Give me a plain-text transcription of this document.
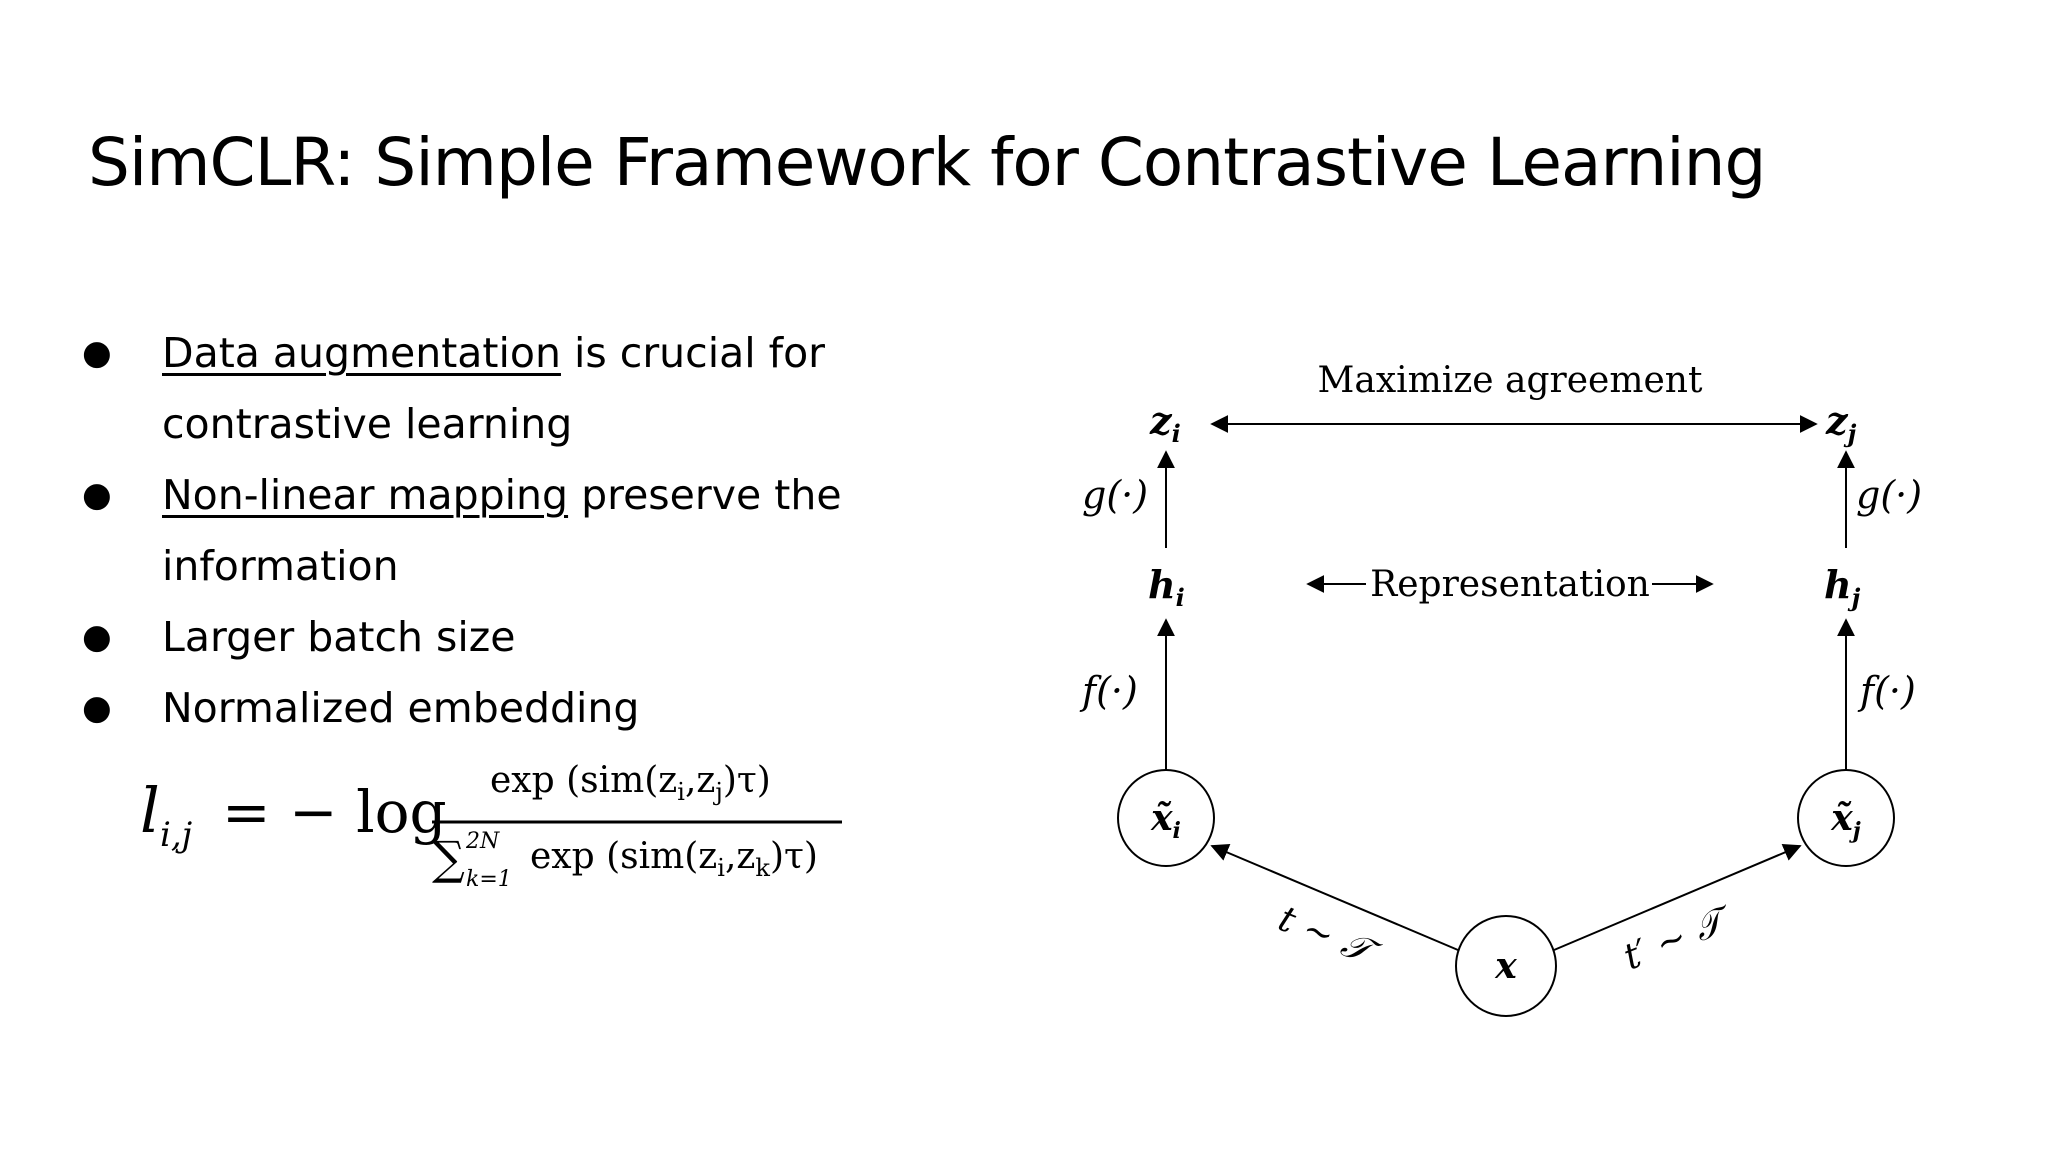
SimCLR: Simple Framework for Contrastive Learning
● Data augmentation is crucial for
contrastive learning
● Non-linear mapping preserve the
information
● Larger batch size
● Normalized embedding
l i,j = − $\log \exp (sim(z_i,z_j)\tau)$
∑ 2N
k=1
$\exp (sim(z_i,z_k)\tau)$
Maximize agreement
$z_i$	$z_j$
g(·)	g(·)
$h_i$	$h_j$
Representation
f(·)	f(·)
$x̃_i$	$x̃_j$
x
t ∼ 𝒯	t′ ∼ 𝒯
